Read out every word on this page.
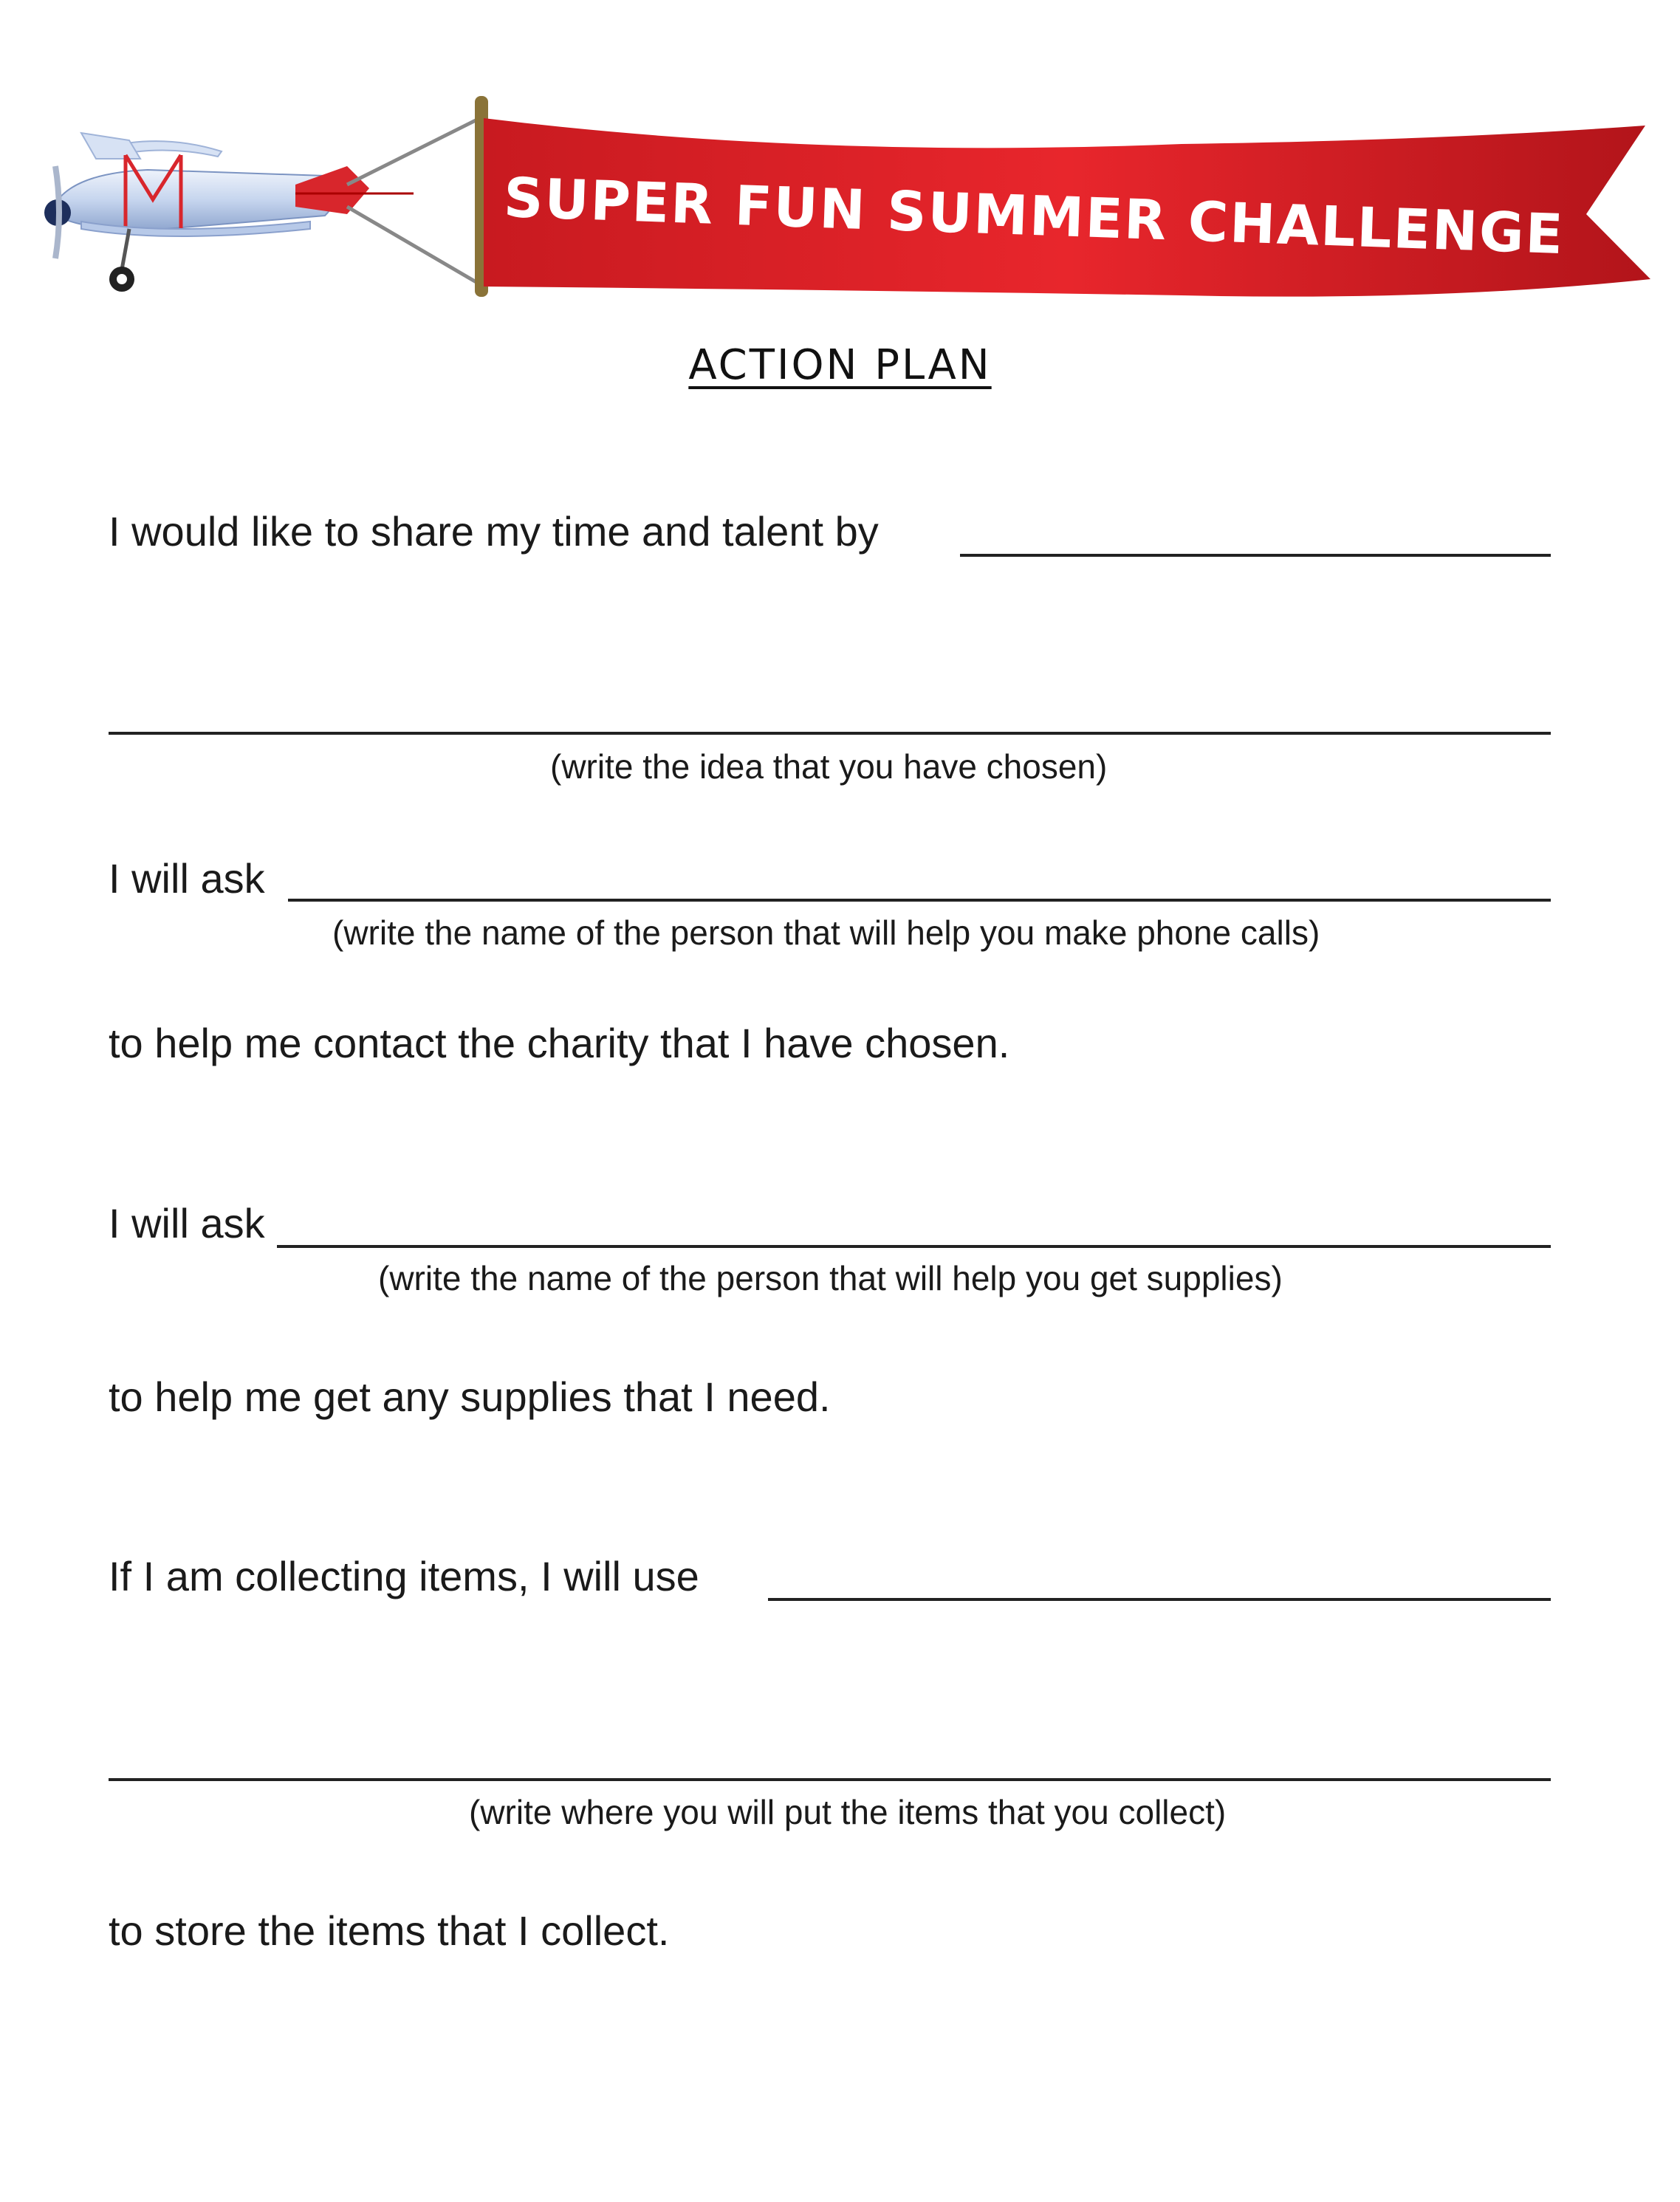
SUPER FUN SUMMER CHALLENGE
ACTION PLAN
I would like to share my time and talent by
(write the idea that you have chosen)
I will ask
(write the name of the person that will help you make phone calls)
to help me contact the charity that I have chosen.
I will ask
(write the name of the person that will help you get supplies)
to help me get any supplies that I need.
If I am collecting items, I will use
(write where you will put the items that you collect)
to store the items that I collect.
